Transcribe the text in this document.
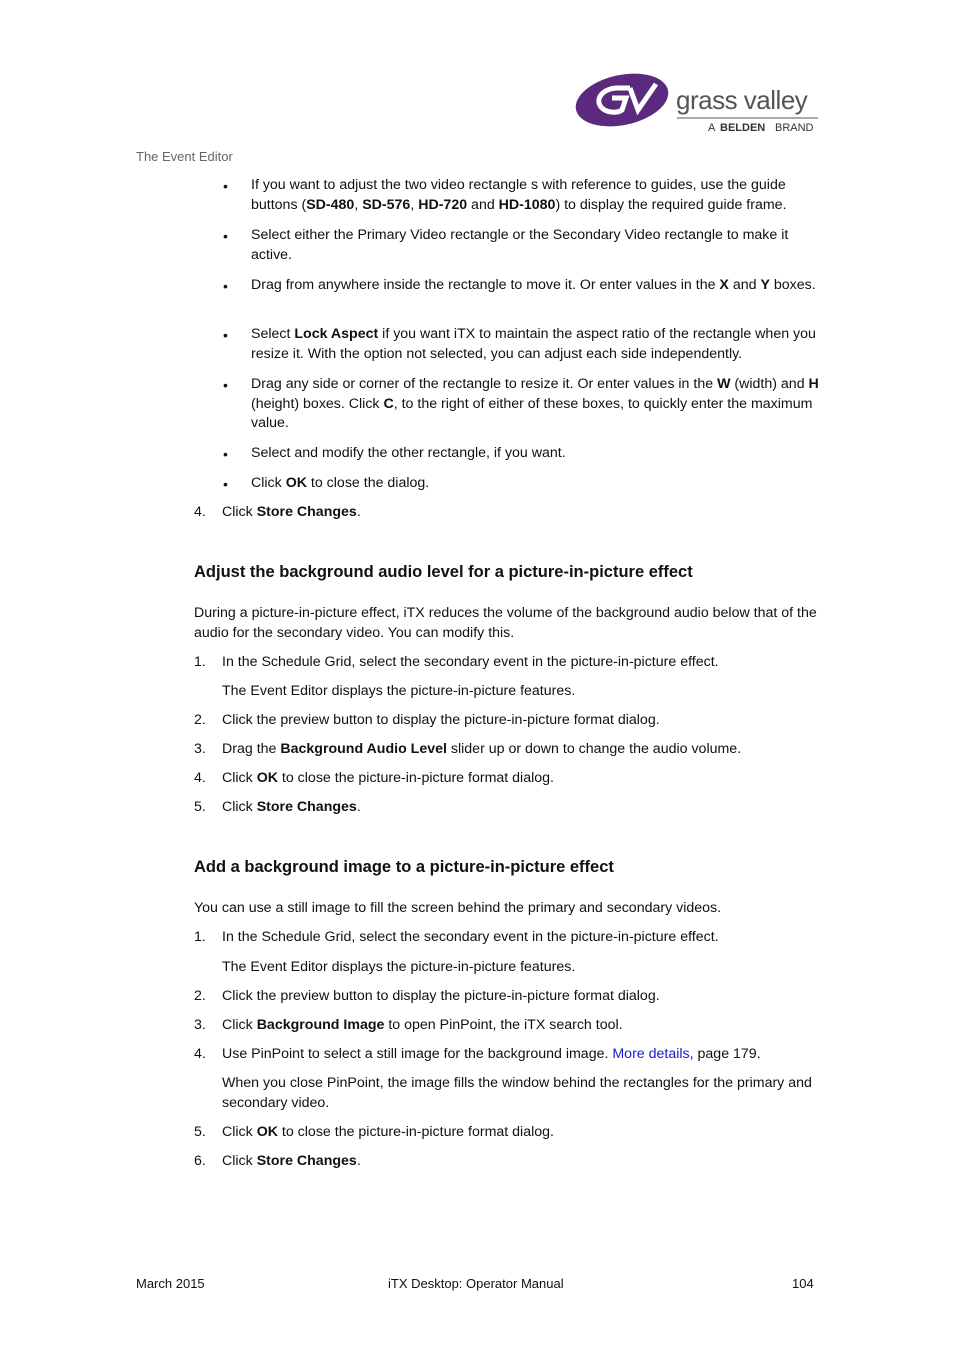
grass valley
A BELDEN BRAND
The Event Editor
• If you want to adjust the two video rectangle s with reference to guides, use the guide buttons (SD-480, SD-576, HD-720 and HD-1080) to display the required guide frame.
• Select either the Primary Video rectangle or the Secondary Video rectangle to make it active.
• Drag from anywhere inside the rectangle to move it. Or enter values in the X and Y boxes.
• Select Lock Aspect if you want iTX to maintain the aspect ratio of the rectangle when you resize it. With the option not selected, you can adjust each side independently.
• Drag any side or corner of the rectangle to resize it. Or enter values in the W (width) and H (height) boxes. Click C, to the right of either of these boxes, to quickly enter the maximum value.
• Select and modify the other rectangle, if you want.
• Click OK to close the dialog.
4. Click Store Changes.
Adjust the background audio level for a picture-in-picture effect
During a picture-in-picture effect, iTX reduces the volume of the background audio below that of the audio for the secondary video. You can modify this.
1. In the Schedule Grid, select the secondary event in the picture-in-picture effect.
The Event Editor displays the picture-in-picture features.
2. Click the preview button to display the picture-in-picture format dialog.
3. Drag the Background Audio Level slider up or down to change the audio volume.
4. Click OK to close the picture-in-picture format dialog.
5. Click Store Changes.
Add a background image to a picture-in-picture effect
You can use a still image to fill the screen behind the primary and secondary videos.
1. In the Schedule Grid, select the secondary event in the picture-in-picture effect.
The Event Editor displays the picture-in-picture features.
2. Click the preview button to display the picture-in-picture format dialog.
3. Click Background Image to open PinPoint, the iTX search tool.
4. Use PinPoint to select a still image for the background image. More details, page 179.
When you close PinPoint, the image fills the window behind the rectangles for the primary and secondary video.
5. Click OK to close the picture-in-picture format dialog.
6. Click Store Changes.
March 2015	iTX Desktop: Operator Manual	104
